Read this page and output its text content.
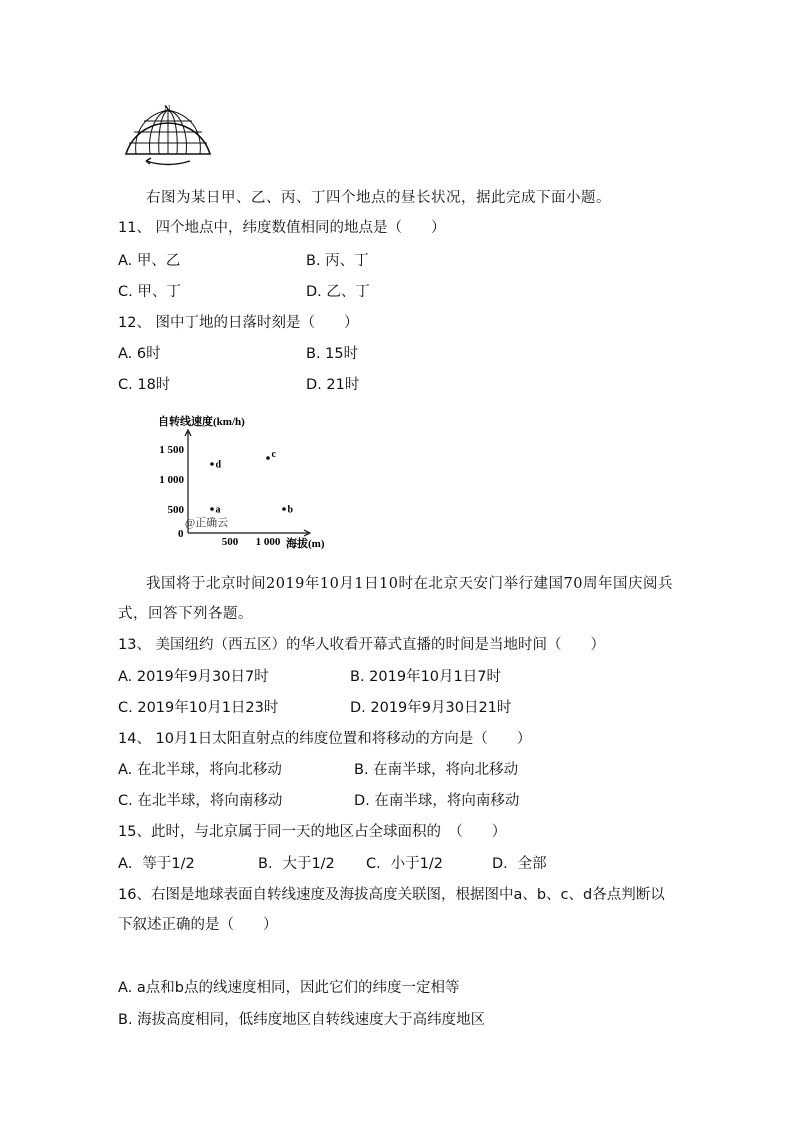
N
右图为某日甲、乙、丙、丁四个地点的昼长状况，据此完成下面小题。
11、 四个地点中，纬度数值相同的地点是（　　）
A. 甲、乙	B. 丙、丁
C. 甲、丁	D. 乙、丁
12、 图中丁地的日落时刻是（　　）
A. 6时	B. 15时
C. 18时	D. 21时
自转线速度(km/h)
0
1 500
1 000
500
500 1 000 海拔(m)
@正确云
a	b
c
d
我国将于北京时间2019年10月1日10时在北京天安门举行建国70周年国庆阅兵
式，回答下列各题。
13、 美国纽约（西五区）的华人收看开幕式直播的时间是当地时间（　　）
A. 2019年9月30日7时	B. 2019年10月1日7时
C. 2019年10月1日23时	D. 2019年9月30日21时
14、 10月1日太阳直射点的纬度位置和将移动的方向是（　　）
A. 在北半球，将向北移动	B. 在南半球，将向北移动
C. 在北半球，将向南移动	D. 在南半球，将向南移动
15、此时，与北京属于同一天的地区占全球面积的　（　　）
A．等于1/2	B．大于1/2 C．小于1/2	D．全部
16、右图是地球表面自转线速度及海拔高度关联图，根据图中a、b、c、d各点判断以
下叙述正确的是（　　）
A. a点和b点的线速度相同，因此它们的纬度一定相等
B. 海拔高度相同，低纬度地区自转线速度大于高纬度地区
